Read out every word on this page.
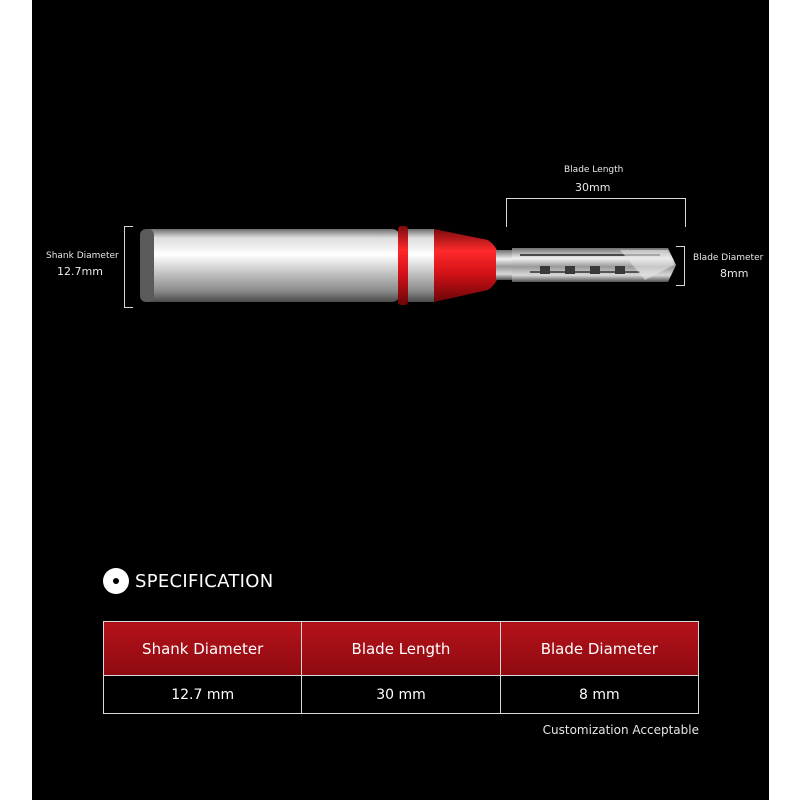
Blade Length
30mm
Shank Diameter
12.7mm
Blade Diameter
8mm
SPECIFICATION
Shank Diameter	Blade Length	Blade Diameter
12.7 mm	30 mm	8 mm
Customization Acceptable
